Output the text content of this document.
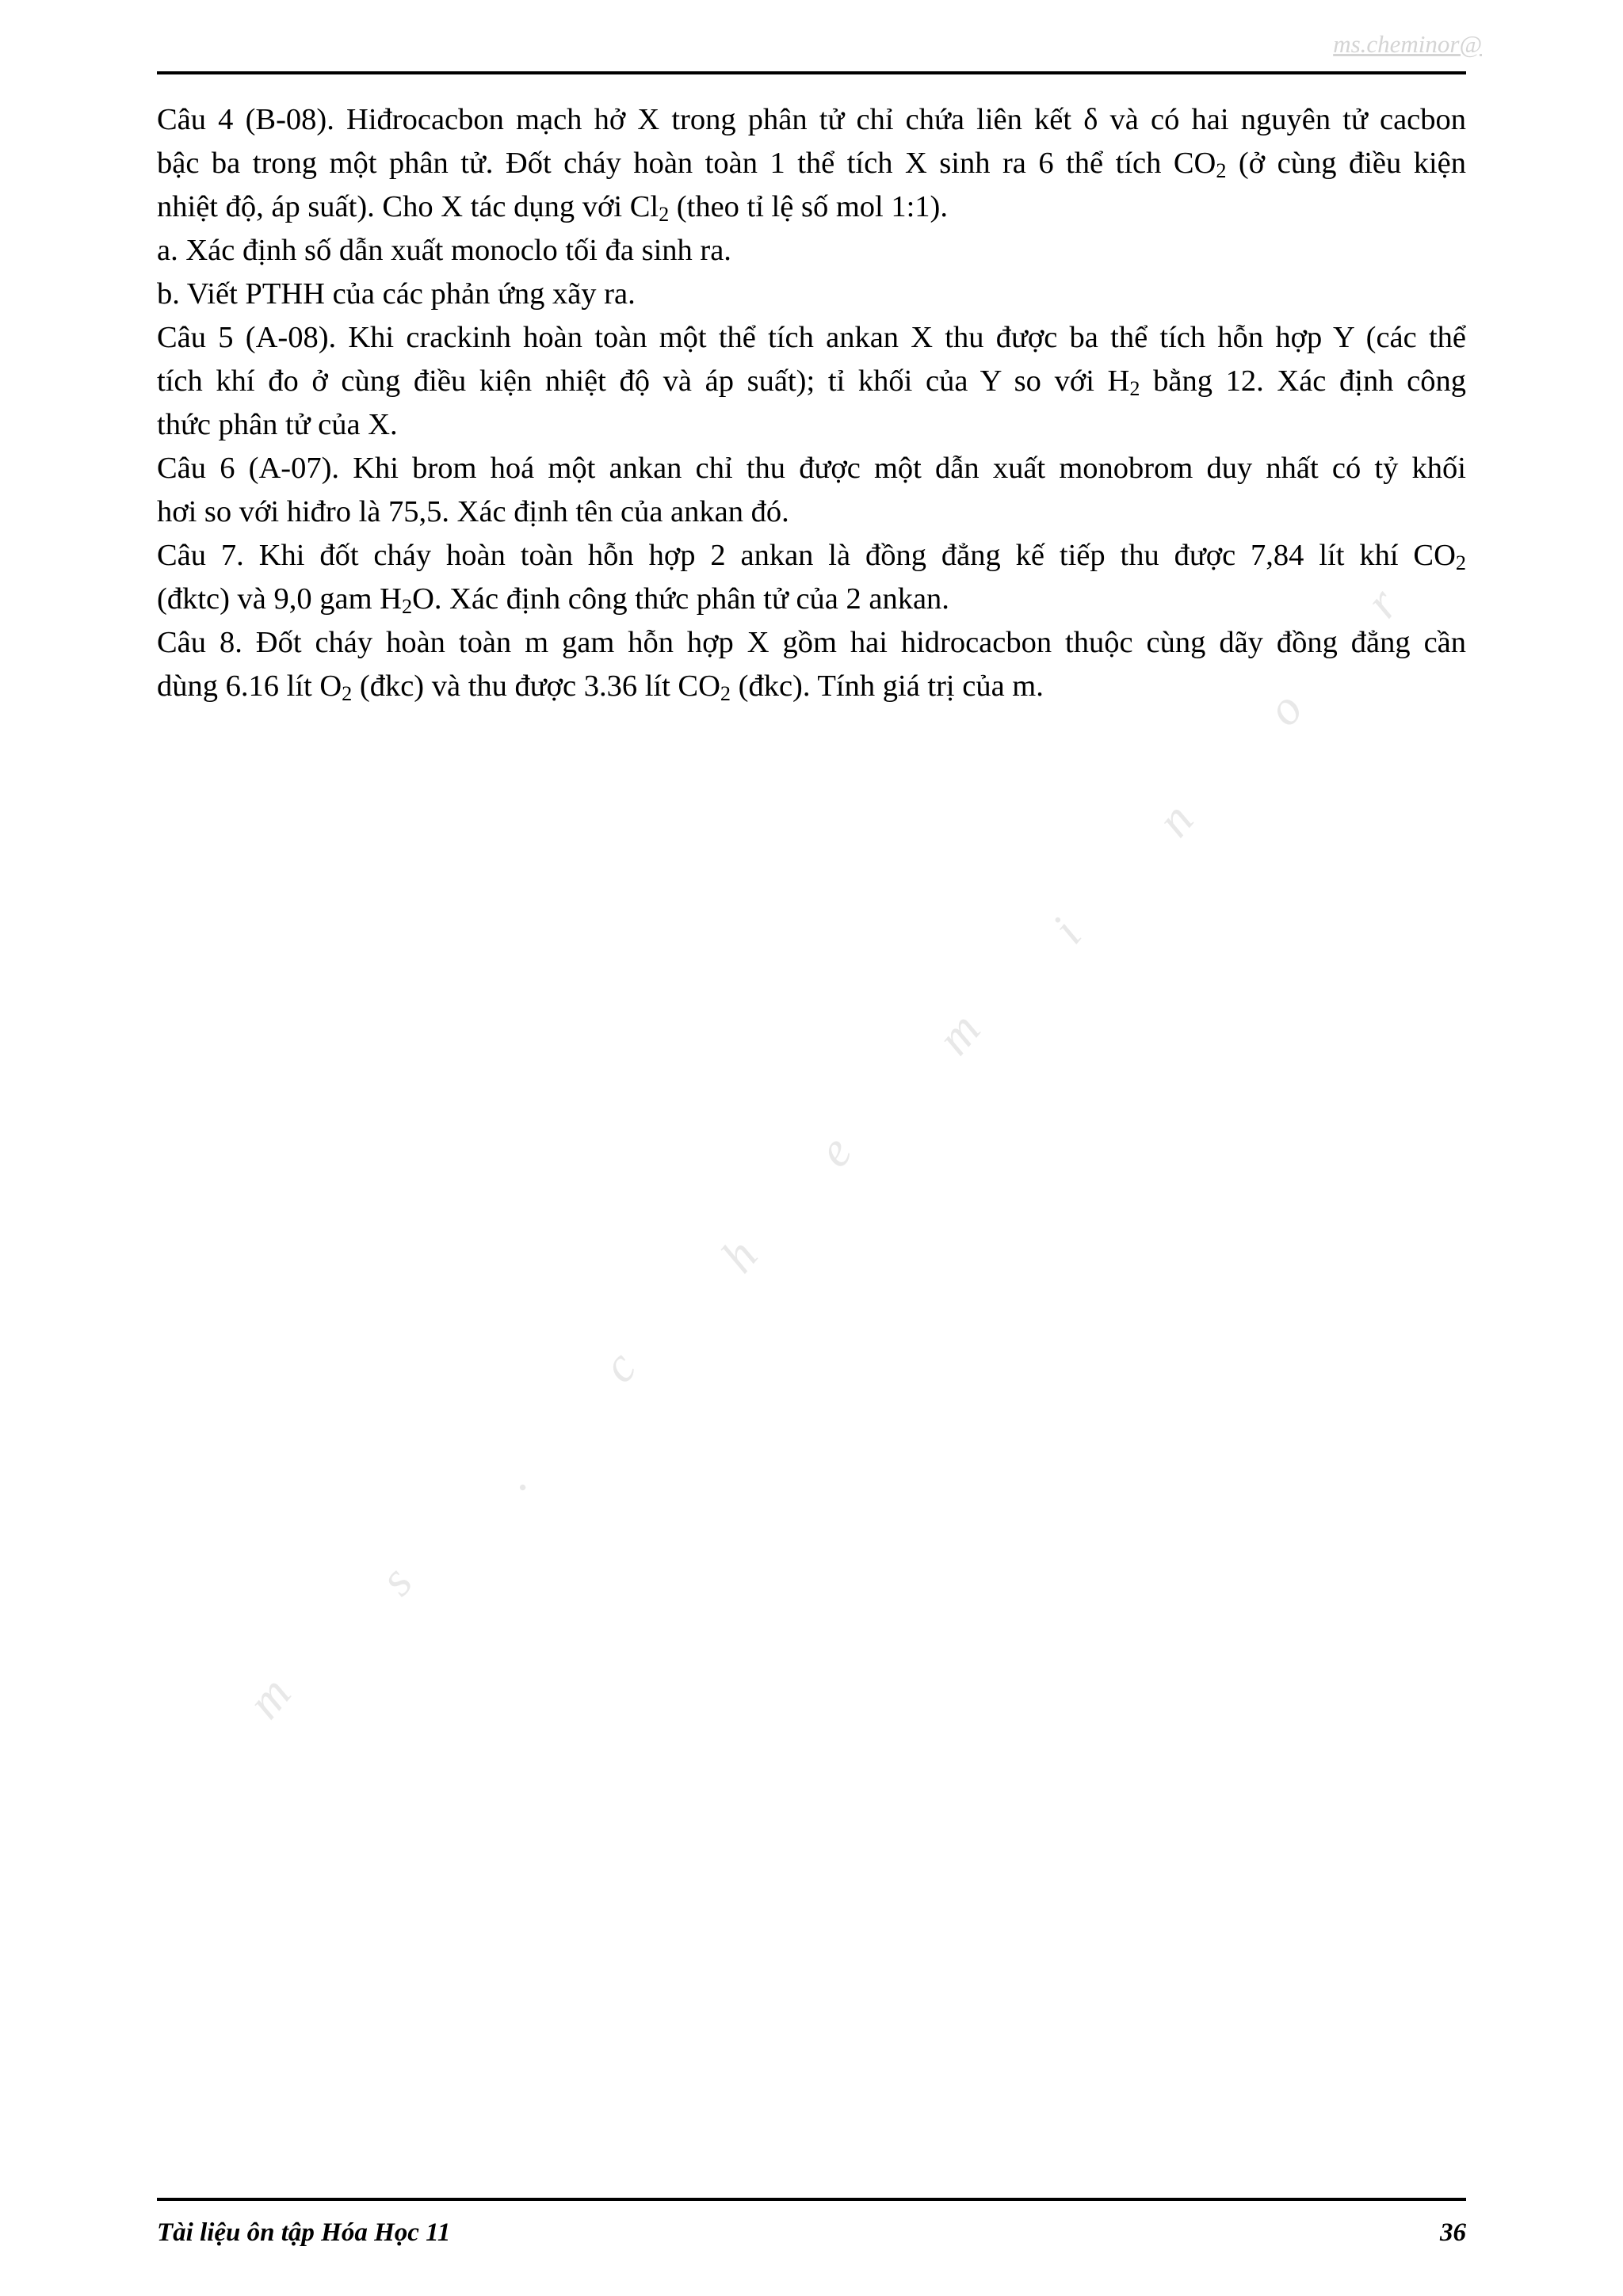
ms.cheminor@
m
s
.
c
h
e
m
i
n
o
r
Câu 4 (B-08). Hiđrocacbon mạch hở X trong phân tử chỉ chứa liên kết δ và có hai nguyên tử cacbon
bậc ba trong một phân tử. Đốt cháy hoàn toàn 1 thể tích X sinh ra 6 thể tích $CO_2$ (ở cùng điều kiện
nhiệt độ, áp suất). Cho X tác dụng với $Cl_2$ (theo tỉ lệ số mol 1:1).
a. Xác định số dẫn xuất monoclo tối đa sinh ra.
b. Viết PTHH của các phản ứng xãy ra.
Câu 5 (A-08). Khi crackinh hoàn toàn một thể tích ankan X thu được ba thể tích hỗn hợp Y (các thể
tích khí đo ở cùng điều kiện nhiệt độ và áp suất); tỉ khối của Y so với $H_2$ bằng 12. Xác định công
thức phân tử của X.
Câu 6 (A-07). Khi brom hoá một ankan chỉ thu được một dẫn xuất monobrom duy nhất có tỷ khối
hơi so với hiđro là 75,5. Xác định tên của ankan đó.
Câu 7. Khi đốt cháy hoàn toàn hỗn hợp 2 ankan là đồng đẳng kế tiếp thu được 7,84 lít khí $CO_2$
(đktc) và 9,0 gam $H_2O$. Xác định công thức phân tử của 2 ankan.
Câu 8. Đốt cháy hoàn toàn m gam hỗn hợp X gồm hai hidrocacbon thuộc cùng dãy đồng đẳng cần
dùng 6.16 lít $O_2$ (đkc) và thu được 3.36 lít $CO_2$ (đkc). Tính giá trị của m.
Tài liệu ôn tập Hóa Học 11	36
